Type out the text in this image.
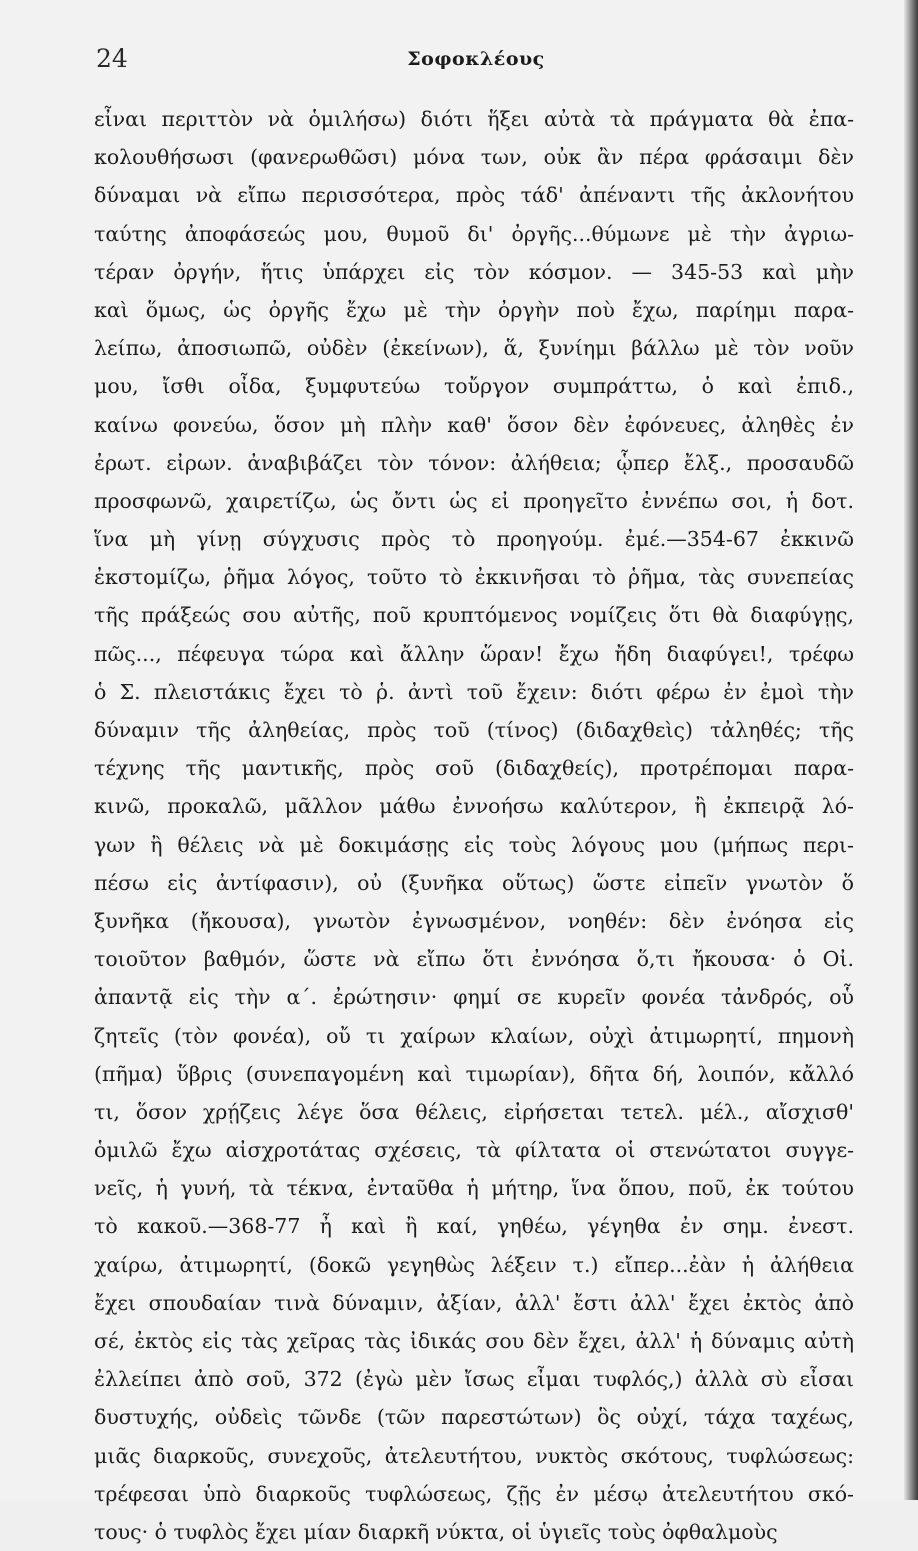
24	Σοφοκλέους
εἶναι περιττὸν νὰ ὁμιλήσω) διότι ἥξει αὐτὰ τὰ πράγματα θὰ ἐπα-
κολουθήσωσι (φανερωθῶσι) μόνα των, οὐκ ἂν πέρα φράσαιμι δὲν
δύναμαι νὰ εἴπω περισσότερα, πρὸς τάδ' ἀπέναντι τῆς ἀκλονήτου
ταύτης ἀποφάσεώς μου, θυμοῦ δι' ὀργῆς...θύμωνε μὲ τὴν ἀγριω-
τέραν ὀργήν, ἥτις ὑπάρχει εἰς τὸν κόσμον. — 345-53 καὶ μὴν
καὶ ὅμως, ὡς ὀργῆς ἔχω μὲ τὴν ὀργὴν ποὺ ἔχω, παρίημι παρα-
λείπω, ἀποσιωπῶ, οὐδὲν (ἐκείνων), ἅ, ξυνίημι βάλλω μὲ τὸν νοῦν
μου, ἴσθι οἶδα, ξυμφυτεύω τοὔργον συμπράττω, ὁ καὶ ἐπιδ.,
καίνω φονεύω, ὅσον μὴ πλὴν καθ' ὅσον δὲν ἐφόνευες, ἀληθὲς ἐν
ἐρωτ. εἰρων. ἀναβιβάζει τὸν τόνον: ἀλήθεια; ᾧπερ ἔλξ., προσαυδῶ
προσφωνῶ, χαιρετίζω, ὡς ὄντι ὡς εἰ προηγεῖτο ἐννέπω σοι, ἡ δοτ.
ἵνα μὴ γίνῃ σύγχυσις πρὸς τὸ προηγούμ. ἐμέ.—354-67 ἐκκινῶ
ἐκστομίζω, ῥῆμα λόγος, τοῦτο τὸ ἐκκινῆσαι τὸ ῥῆμα, τὰς συνεπείας
τῆς πράξεώς σου αὐτῆς, ποῦ κρυπτόμενος νομίζεις ὅτι θὰ διαφύγῃς,
πῶς..., πέφευγα τώρα καὶ ἄλλην ὥραν! ἔχω ἤδη διαφύγει!, τρέφω
ὁ Σ. πλειστάκις ἔχει τὸ ῥ. ἀντὶ τοῦ ἔχειν: διότι φέρω ἐν ἐμοὶ τὴν
δύναμιν τῆς ἀληθείας, πρὸς τοῦ (τίνος) (διδαχθεὶς) τἀληθές; τῆς
τέχνης τῆς μαντικῆς, πρὸς σοῦ (διδαχθείς), προτρέπομαι παρα-
κινῶ, προκαλῶ, μᾶλλον μάθω ἐννοήσω καλύτερον, ἢ ἐκπειρᾷ λό-
γων ἢ θέλεις νὰ μὲ δοκιμάσῃς εἰς τοὺς λόγους μου (μήπως περι-
πέσω εἰς ἀντίφασιν), οὐ (ξυνῆκα οὕτως) ὥστε εἰπεῖν γνωτὸν ὅ
ξυνῆκα (ἤκουσα), γνωτὸν ἐγνωσμένον, νοηθέν: δὲν ἐνόησα εἰς
τοιοῦτον βαθμόν, ὥστε νὰ εἴπω ὅτι ἐννόησα ὅ,τι ἤκουσα· ὁ Οἰ.
ἀπαντᾷ εἰς τὴν α΄. ἐρώτησιν· φημί σε κυρεῖν φονέα τἀνδρός, οὗ
ζητεῖς (τὸν φονέα), οὔ τι χαίρων κλαίων, οὐχὶ ἀτιμωρητί, πημονὴ
(πῆμα) ὕβρις (συνεπαγομένη καὶ τιμωρίαν), δῆτα δή, λοιπόν, κἄλλό
τι, ὅσον χρῄζεις λέγε ὅσα θέλεις, εἰρήσεται τετελ. μέλ., αἴσχισθ'
ὁμιλῶ ἔχω αἰσχροτάτας σχέσεις, τὰ φίλτατα οἱ στενώτατοι συγγε-
νεῖς, ἡ γυνή, τὰ τέκνα, ἐνταῦθα ἡ μήτηρ, ἵνα ὅπου, ποῦ, ἐκ τούτου
τὸ κακοῦ.—368-77 ἦ καὶ ἢ καί, γηθέω, γέγηθα ἐν σημ. ἐνεστ.
χαίρω, ἀτιμωρητί, (δοκῶ γεγηθὼς λέξειν τ.) εἴπερ...ἐὰν ἡ ἀλήθεια
ἔχει σπουδαίαν τινὰ δύναμιν, ἀξίαν, ἀλλ' ἔστι ἀλλ' ἔχει ἐκτὸς ἀπὸ
σέ, ἐκτὸς εἰς τὰς χεῖρας τὰς ἰδικάς σου δὲν ἔχει, ἀλλ' ἡ δύναμις αὐτὴ
ἐλλείπει ἀπὸ σοῦ, 372 (ἐγὼ μὲν ἴσως εἶμαι τυφλός,) ἀλλὰ σὺ εἶσαι
δυστυχής, οὐδεὶς τῶνδε (τῶν παρεστώτων) ὃς οὐχί, τάχα ταχέως,
μιᾶς διαρκοῦς, συνεχοῦς, ἀτελευτήτου, νυκτὸς σκότους, τυφλώσεως:
τρέφεσαι ὑπὸ διαρκοῦς τυφλώσεως, ζῇς ἐν μέσῳ ἀτελευτήτου σκό-
τους· ὁ τυφλὸς ἔχει μίαν διαρκῆ νύκτα, οἱ ὑγιεῖς τοὺς ὀφθαλμοὺς
